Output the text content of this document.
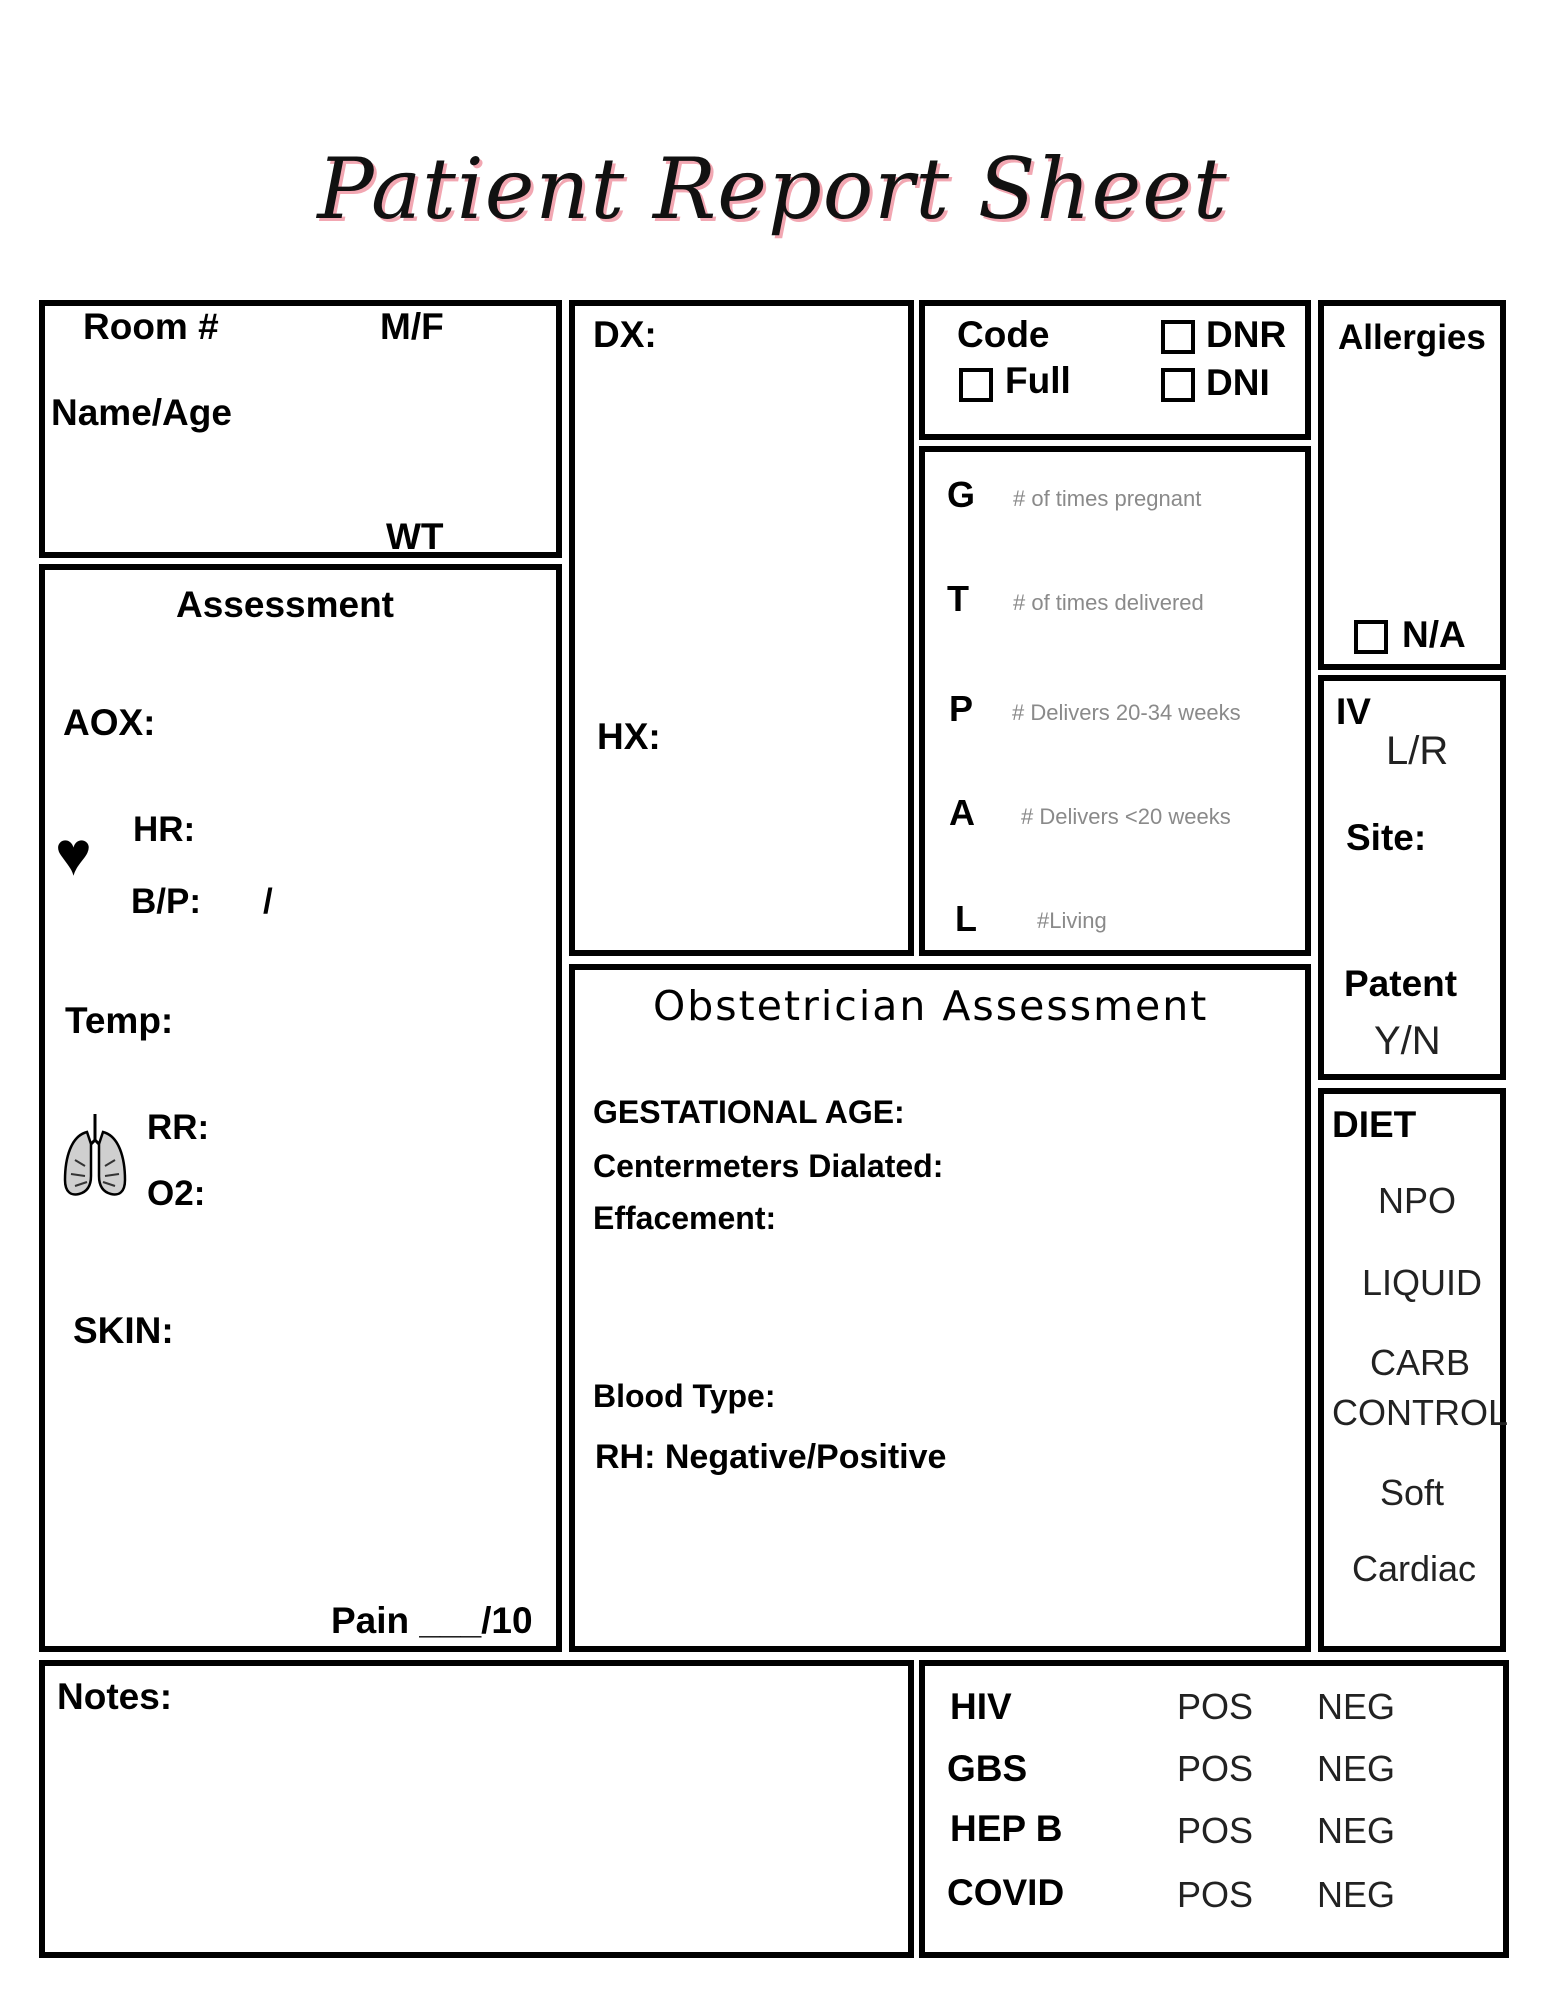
Patient Report Sheet
Room #	M/F
Name/Age
WT
DX:
HX:
Code
Full
DNR
DNI
Allergies
N/A
G # of times pregnant
T # of times delivered
P # Delivers 20-34 weeks
A # Delivers <20 weeks
L	#Living
IV
L/R
Site:
Patent
Y/N
Assessment
AOX:
♥ HR:
B/P: /
Temp:
RR:
O2:
SKIN:
Pain ___/10
Obstetrician Assessment
GESTATIONAL AGE:
Centermeters Dialated:
Effacement:
Blood Type:
RH: Negative/Positive
DIET
NPO
LIQUID
CARB
CONTROL
Soft
Cardiac
Notes:	HIV	POS NEG
GBS	POS NEG
HEP B	POS NEG
COVID	POS NEG
